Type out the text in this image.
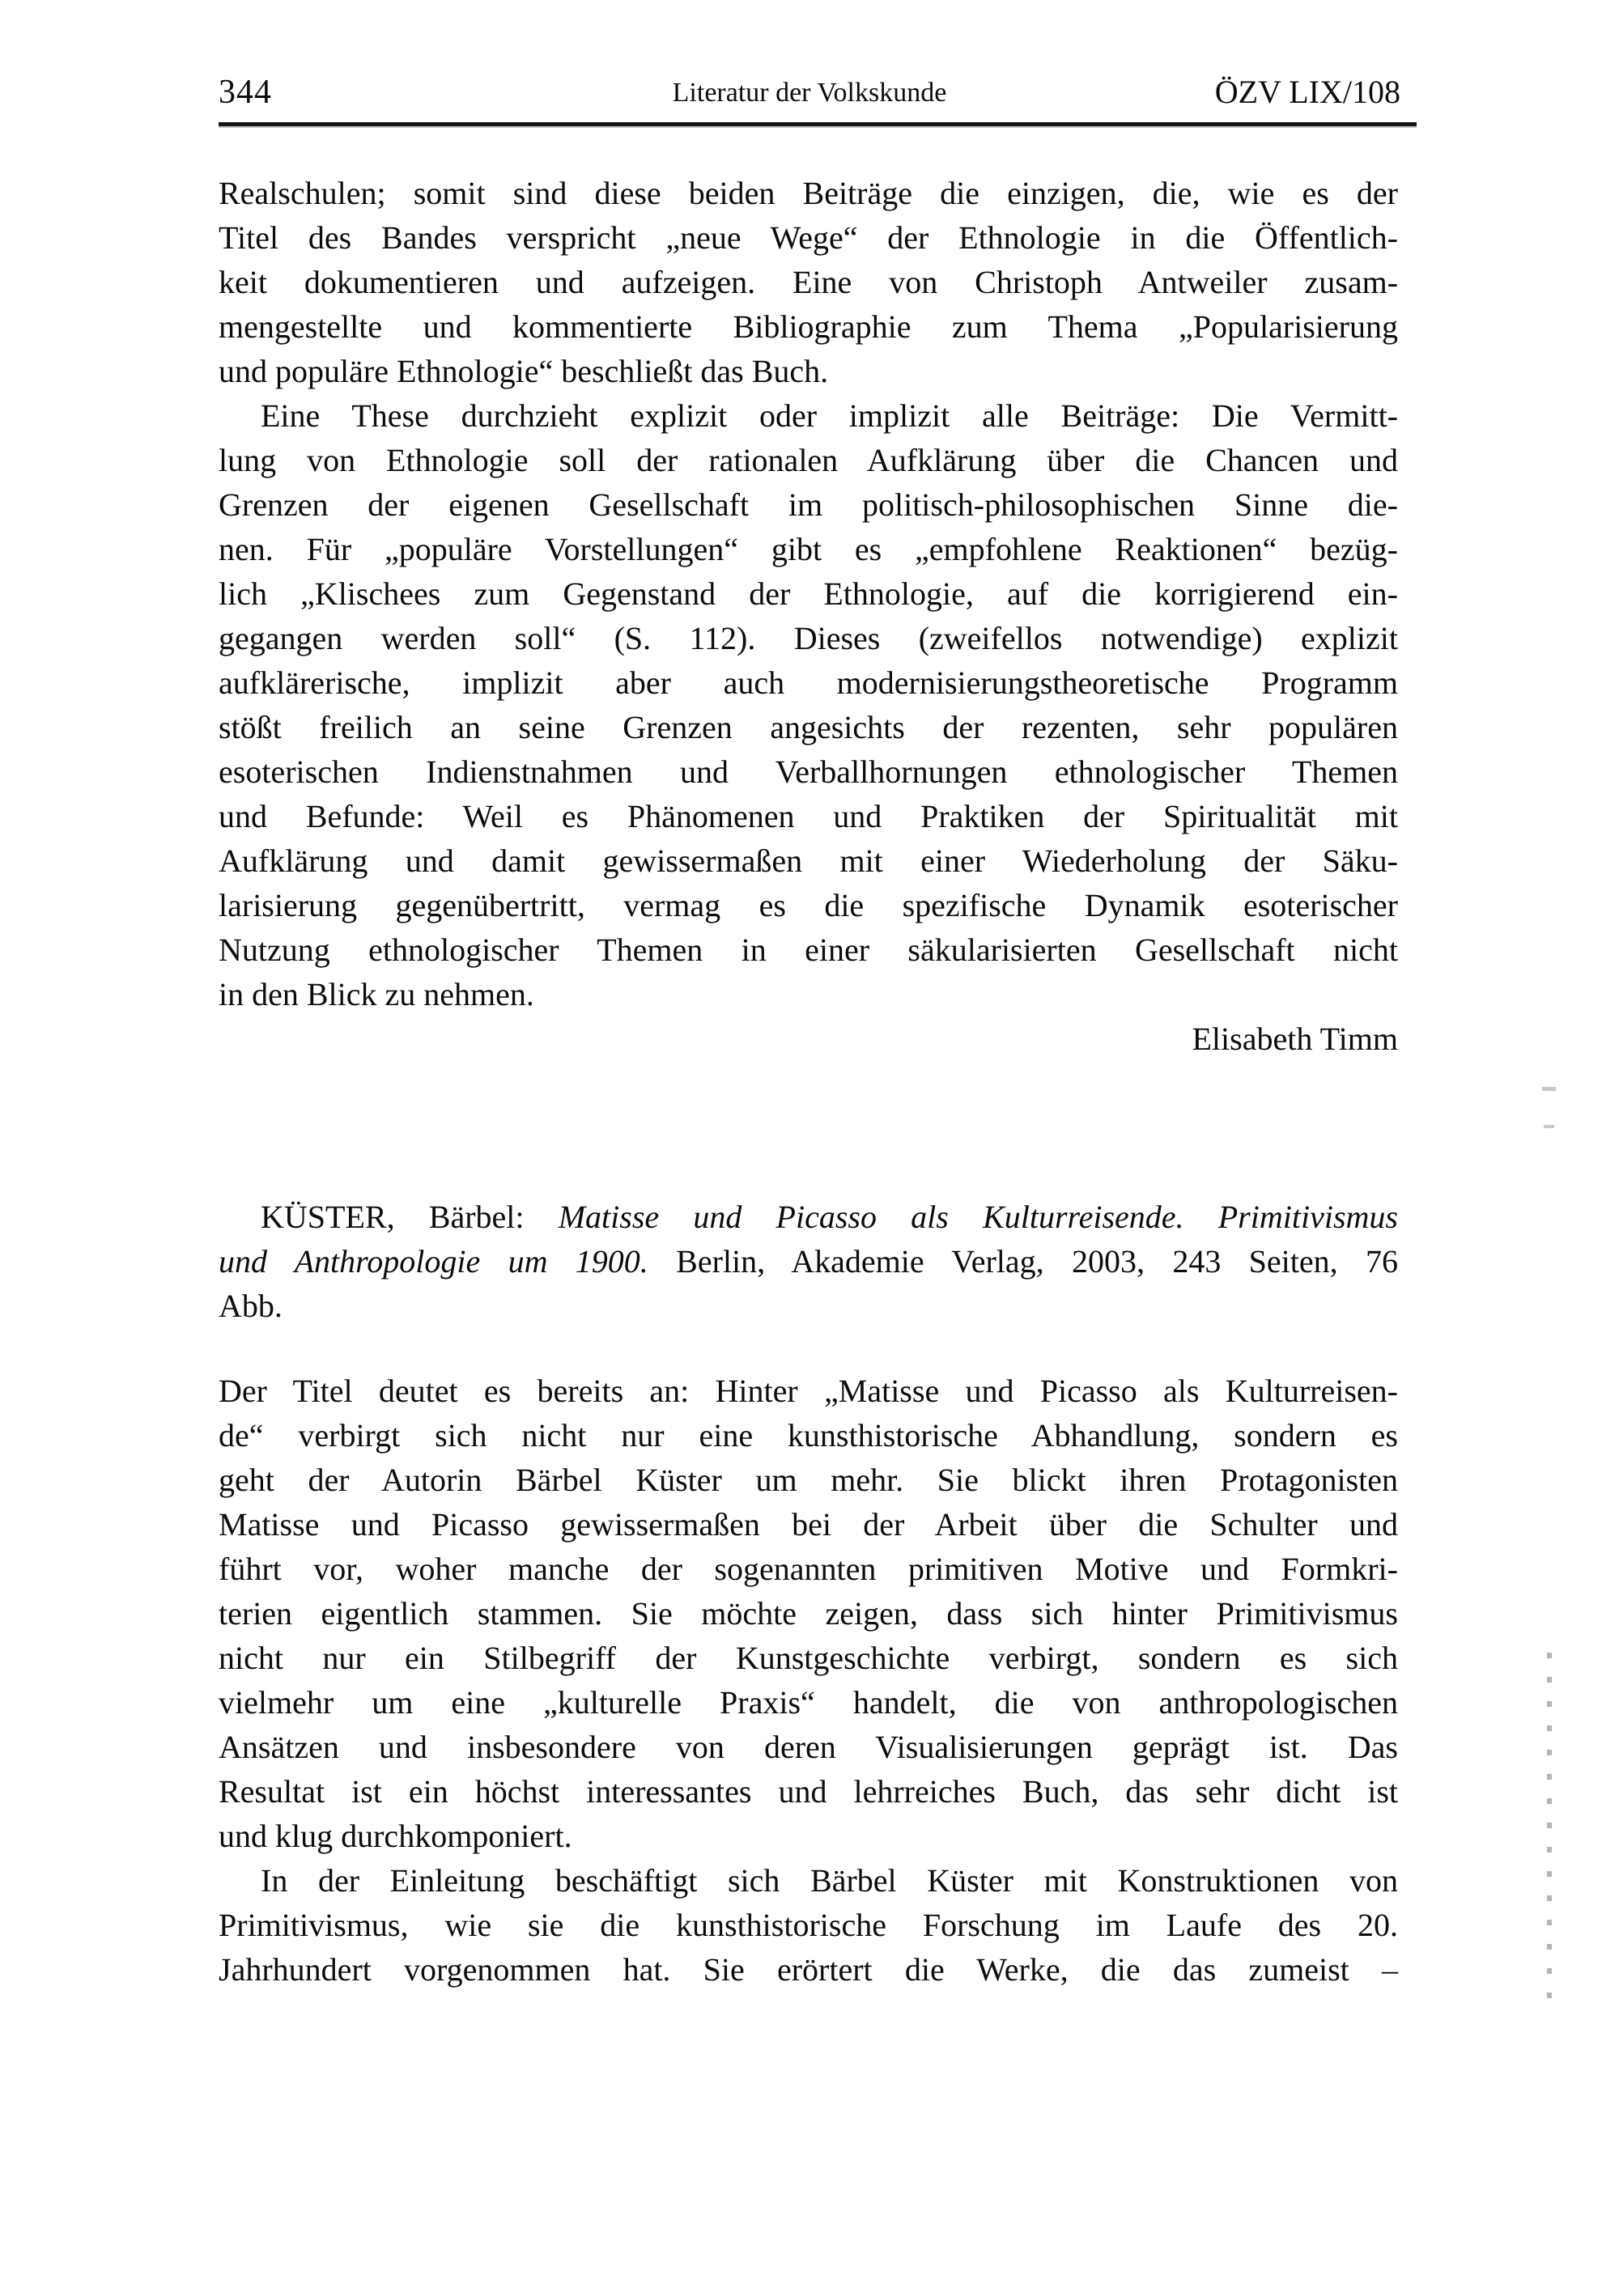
344	Literatur der Volkskunde	ÖZV LIX/108
Realschulen; somit sind diese beiden Beiträge die einzigen, die, wie es der
Titel des Bandes verspricht „neue Wege“ der Ethnologie in die Öffentlich-
keit dokumentieren und aufzeigen. Eine von Christoph Antweiler zusam-
mengestellte und kommentierte Bibliographie zum Thema „Popularisierung
und populäre Ethnologie“ beschließt das Buch.
Eine These durchzieht explizit oder implizit alle Beiträge: Die Vermitt-
lung von Ethnologie soll der rationalen Aufklärung über die Chancen und
Grenzen der eigenen Gesellschaft im politisch-philosophischen Sinne die-
nen. Für „populäre Vorstellungen“ gibt es „empfohlene Reaktionen“ bezüg-
lich „Klischees zum Gegenstand der Ethnologie, auf die korrigierend ein-
gegangen werden soll“ (S. 112). Dieses (zweifellos notwendige) explizit
aufklärerische, implizit aber auch modernisierungstheoretische Programm
stößt freilich an seine Grenzen angesichts der rezenten, sehr populären
esoterischen Indienstnahmen und Verballhornungen ethnologischer Themen
und Befunde: Weil es Phänomenen und Praktiken der Spiritualität mit
Aufklärung und damit gewissermaßen mit einer Wiederholung der Säku-
larisierung gegenübertritt, vermag es die spezifische Dynamik esoterischer
Nutzung ethnologischer Themen in einer säkularisierten Gesellschaft nicht
in den Blick zu nehmen.
Elisabeth Timm
KÜSTER, Bärbel: Matisse und Picasso als Kulturreisende. Primitivismus
und Anthropologie um 1900. Berlin, Akademie Verlag, 2003, 243 Seiten, 76
Abb.
Der Titel deutet es bereits an: Hinter „Matisse und Picasso als Kulturreisen-
de“ verbirgt sich nicht nur eine kunsthistorische Abhandlung, sondern es
geht der Autorin Bärbel Küster um mehr. Sie blickt ihren Protagonisten
Matisse und Picasso gewissermaßen bei der Arbeit über die Schulter und
führt vor, woher manche der sogenannten primitiven Motive und Formkri-
terien eigentlich stammen. Sie möchte zeigen, dass sich hinter Primitivismus
nicht nur ein Stilbegriff der Kunstgeschichte verbirgt, sondern es sich
vielmehr um eine „kulturelle Praxis“ handelt, die von anthropologischen
Ansätzen und insbesondere von deren Visualisierungen geprägt ist. Das
Resultat ist ein höchst interessantes und lehrreiches Buch, das sehr dicht ist
und klug durchkomponiert.
In der Einleitung beschäftigt sich Bärbel Küster mit Konstruktionen von
Primitivismus, wie sie die kunsthistorische Forschung im Laufe des 20.
Jahrhundert vorgenommen hat. Sie erörtert die Werke, die das zumeist –
